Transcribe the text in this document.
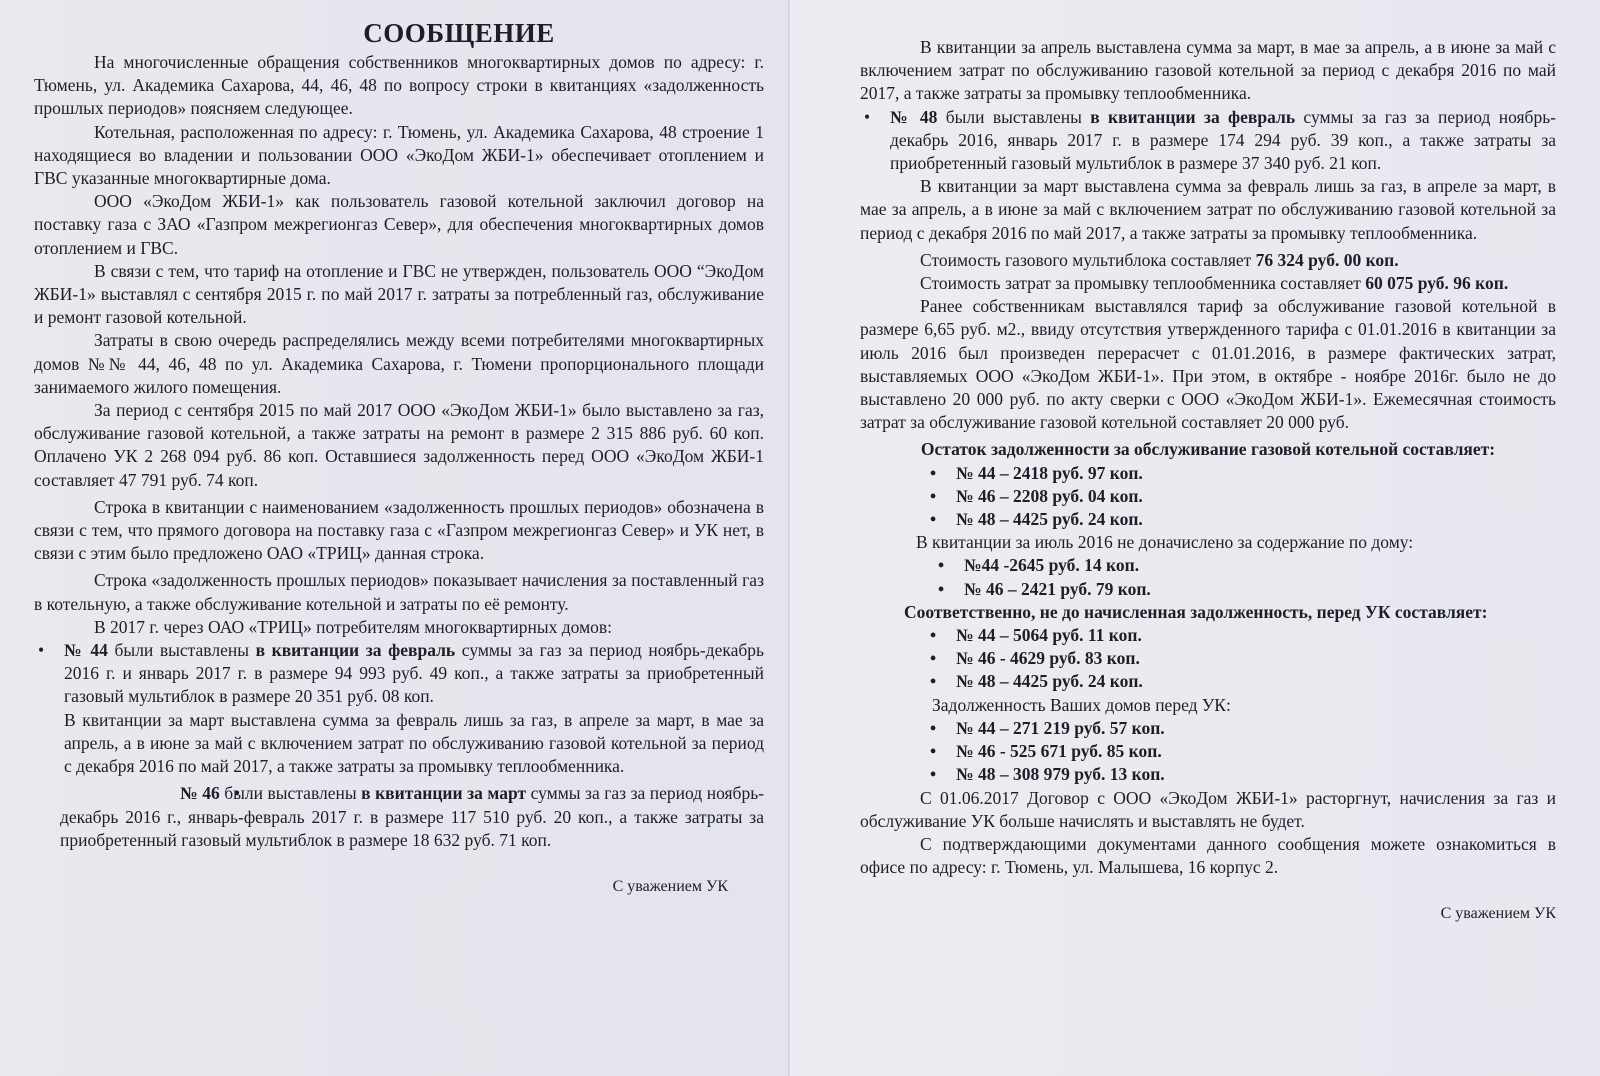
СООБЩЕНИЕ

На многочисленные обращения собственников многоквартирных домов по адресу: г. Тюмень, ул. Академика Сахарова, 44, 46, 48 по вопросу строки в квитанциях «задолженность прошлых периодов» поясняем следующее.

Котельная, расположенная по адресу: г. Тюмень, ул. Академика Сахарова, 48 строение 1 находящиеся во владении и пользовании ООО «ЭкоДом ЖБИ-1» обеспечивает отоплением и ГВС указанные многоквартирные дома.

ООО «ЭкоДом ЖБИ-1» как пользователь газовой котельной заключил договор на поставку газа с ЗАО «Газпром межрегионгаз Север», для обеспечения многоквартирных домов отоплением и ГВС.

В связи с тем, что тариф на отопление и ГВС не утвержден, пользователь ООО “ЭкоДом ЖБИ-1» выставлял с сентября 2015 г. по май 2017 г. затраты за потребленный газ, обслуживание и ремонт газовой котельной.

Затраты в свою очередь распределялись между всеми потребителями многоквартирных домов №№ 44, 46, 48 по ул. Академика Сахарова, г. Тюмени пропорционального площади занимаемого жилого помещения.

За период с сентября 2015 по май 2017 ООО «ЭкоДом ЖБИ-1» было выставлено за газ, обслуживание газовой котельной, а также затраты на ремонт в размере 2 315 886 руб. 60 коп. Оплачено УК 2 268 094 руб. 86 коп. Оставшиеся задолженность перед ООО «ЭкоДом ЖБИ-1 составляет 47 791 руб. 74 коп.

Строка в квитанции с наименованием «задолженность прошлых периодов» обозначена в связи с тем, что прямого договора на поставку газа с «Газпром межрегионгаз Север» и УК нет, в связи с этим было предложено ОАО «ТРИЦ» данная строка.

Строка «задолженность прошлых периодов» показывает начисления за поставленный газ в котельную, а также обслуживание котельной и затраты по её ремонту.

В 2017 г. через ОАО «ТРИЦ» потребителям многоквартирных домов:

• № 44 были выставлены в квитанции за февраль суммы за газ за период ноябрь-декабрь 2016 г. и январь 2017 г. в размере 94 993 руб. 49 коп., а также затраты за приобретенный газовый мультиблок в размере 20 351 руб. 08 коп.

В квитанции за март выставлена сумма за февраль лишь за газ, в апреле за март, в мае за апрель, а в июне за май с включением затрат по обслуживанию газовой котельной за период с декабря 2016 по май 2017, а также затраты за промывку теплообменника.

• № 46 были выставлены в квитанции за март суммы за газ за период ноябрь-декабрь 2016 г., январь-февраль 2017 г. в размере 117 510 руб. 20 коп., а также затраты за приобретенный газовый мультиблок в размере 18 632 руб. 71 коп.
С уважением УК

В квитанции за апрель выставлена сумма за март, в мае за апрель, а в июне за май с включением затрат по обслуживанию газовой котельной за период с декабря 2016 по май 2017, а также затраты за промывку теплообменника.

• № 48 были выставлены в квитанции за февраль суммы за газ за период ноябрь-декабрь 2016, январь 2017 г. в размере 174 294 руб. 39 коп., а также затраты за приобретенный газовый мультиблок в размере 37 340 руб. 21 коп.

В квитанции за март выставлена сумма за февраль лишь за газ, в апреле за март, в мае за апрель, а в июне за май с включением затрат по обслуживанию газовой котельной за период с декабря 2016 по май 2017, а также затраты за промывку теплообменника.

Стоимость газового мультиблока составляет 76 324 руб. 00 коп.

Стоимость затрат за промывку теплообменника составляет 60 075 руб. 96 коп.

Ранее собственникам выставлялся тариф за обслуживание газовой котельной в размере 6,65 руб. м2., ввиду отсутствия утвержденного тарифа с 01.01.2016 в квитанции за июль 2016 был произведен перерасчет с 01.01.2016, в размере фактических затрат, выставляемых ООО «ЭкоДом ЖБИ-1». При этом, в октябре - ноябре 2016г. было не до выставлено 20 000 руб. по акту сверки с ООО «ЭкоДом ЖБИ-1». Ежемесячная стоимость затрат за обслуживание газовой котельной составляет 20 000 руб.

Остаток задолженности за обслуживание газовой котельной составляет:

• № 44 – 2418 руб. 97 коп.
• № 46 – 2208 руб. 04 коп.
• № 48 – 4425 руб. 24 коп.

В квитанции за июль 2016 не доначислено за содержание по дому:

• №44 -2645 руб. 14 коп.
• № 46 – 2421 руб. 79 коп.

Соответственно, не до начисленная задолженность, перед УК составляет:

• № 44 – 5064 руб. 11 коп.
• № 46 - 4629 руб. 83 коп.
• № 48 – 4425 руб. 24 коп.

Задолженность Ваших домов перед УК:

• № 44 – 271 219 руб. 57 коп.
• № 46 - 525 671 руб. 85 коп.
• № 48 – 308 979 руб. 13 коп.

С 01.06.2017 Договор с ООО «ЭкоДом ЖБИ-1» расторгнут, начисления за газ и обслуживание УК больше начислять и выставлять не будет.

С подтверждающими документами данного сообщения можете ознакомиться в офисе по адресу: г. Тюмень, ул. Малышева, 16 корпус 2.

С уважением УК
